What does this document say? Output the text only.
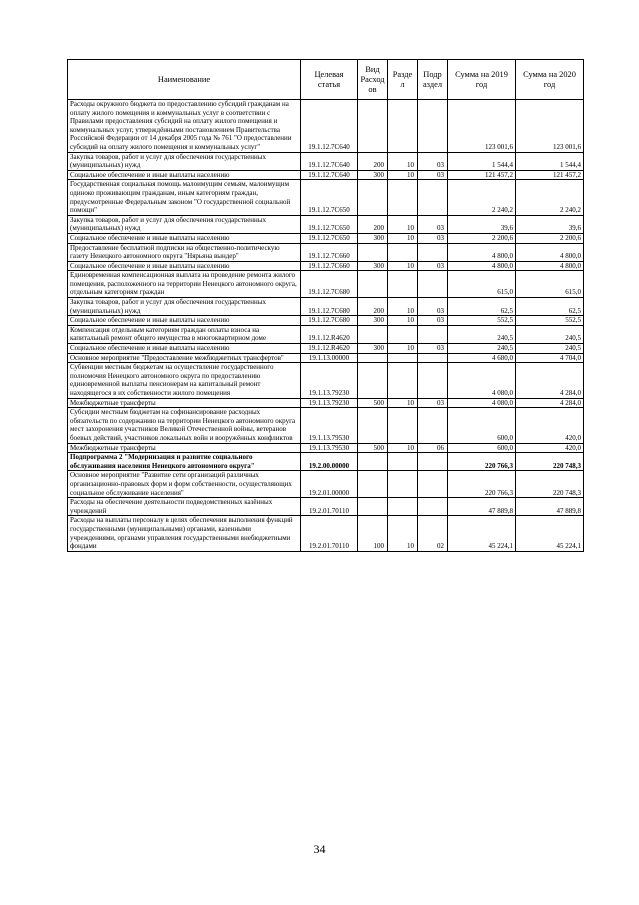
Наименование	Целевая статья	Вид Расход ов	Разде л	Подр аздел	Сумма на 2019 год	Сумма на 2020 год
Расходы окружного бюджета по предоставлению субсидий гражданам на оплату жилого помещения и коммунальных услуг в соответствии с Правилами предоставления субсидий на оплату жилого помещения и коммунальных услуг, утверждёнными постановлением Правительства Российской Федерации от 14 декабря 2005 года № 761 "О предоставлении субсидий на оплату жилого помещения и коммунальных услуг"	19.1.12.7С640				123 001,6	123 001,6
Закупка товаров, работ и услуг для обеспечения государственных (муниципальных) нужд	19.1.12.7С640	200	10	03	1 544,4	1 544,4
Социальное обеспечение и иные выплаты населению	19.1.12.7С640	300	10	03	121 457,2	121 457,2
Государственная социальная помощь малоимущим семьям, малоимущим одиноко проживающим гражданам, иным категориям граждан, предусмотренные Федеральным законом "О государственной социальной помощи"	19.1.12.7С650				2 240,2	2 240,2
Закупка товаров, работ и услуг для обеспечения государственных (муниципальных) нужд	19.1.12.7С650	200	10	03	39,6	39,6
Социальное обеспечение и иные выплаты населению	19.1.12.7С650	300	10	03	2 200,6	2 200,6
Предоставление бесплатной подписки на общественно-политическую газету Ненецкого автономного округа "Нярьяна вындер"	19.1.12.7С660				4 800,0	4 800,0
Социальное обеспечение и иные выплаты населению	19.1.12.7С660	300	10	03	4 800,0	4 800,0
Единовременная компенсационная выплата на проведение ремонта жилого помещения, расположенного на территории Ненецкого автономного округа, отдельным категориям граждан	19.1.12.7С680				615,0	615,0
Закупка товаров, работ и услуг для обеспечения государственных (муниципальных) нужд	19.1.12.7С680	200	10	03	62,5	62,5
Социальное обеспечение и иные выплаты населению	19.1.12.7С680	300	10	03	552,5	552,5
Компенсация отдельным категориям граждан оплаты взноса на капитальный ремонт общего имущества в многоквартирном доме	19.1.12.R4620				240,5	240,5
Социальное обеспечение и иные выплаты населению	19.1.12.R4620	300	10	03	240,5	240,5
Основное мероприятие "Предоставление межбюджетных трансфертов"	19.1.13.00000				4 680,0	4 704,0
Субвенции местным бюджетам на осуществление государственного полномочия Ненецкого автономного округа по предоставлению единовременной выплаты пенсионерам на капитальный ремонт находящегося в их собственности жилого помещения	19.1.13.79230				4 080,0	4 284,0
Межбюджетные трансферты	19.1.13.79230	500	10	03	4 080,0	4 284,0
Субсидии местным бюджетам на софинансирование расходных обязательств по содержанию на территории Ненецкого автономного округа мест захоронения участников Великой Отечественной войны, ветеранов боевых действий, участников локальных войн и вооружённых конфликтов	19.1.13.79530				600,0	420,0
Межбюджетные трансферты	19.1.13.79530	500	10	06	600,0	420,0
Подпрограмма 2 "Модернизация и развитие социального обслуживания населения Ненецкого автономного округа"	19.2.00.00000				220 766,3	220 748,3
Основное мероприятие "Развитие сети организаций различных организационно-правовых форм и форм собственности, осуществляющих социальное обслуживание населения"	19.2.01.00000				220 766,3	220 748,3
Расходы на обеспечение деятельности подведомственных казённых учреждений	19.2.01.70110				47 889,8	47 889,8
Расходы на выплаты персоналу в целях обеспечения выполнения функций государственными (муниципальными) органами, казенными учреждениями, органами управления государственными внебюджетными фондами	19.2.01.70110	100	10	02	45 224,1	45 224,1
34
